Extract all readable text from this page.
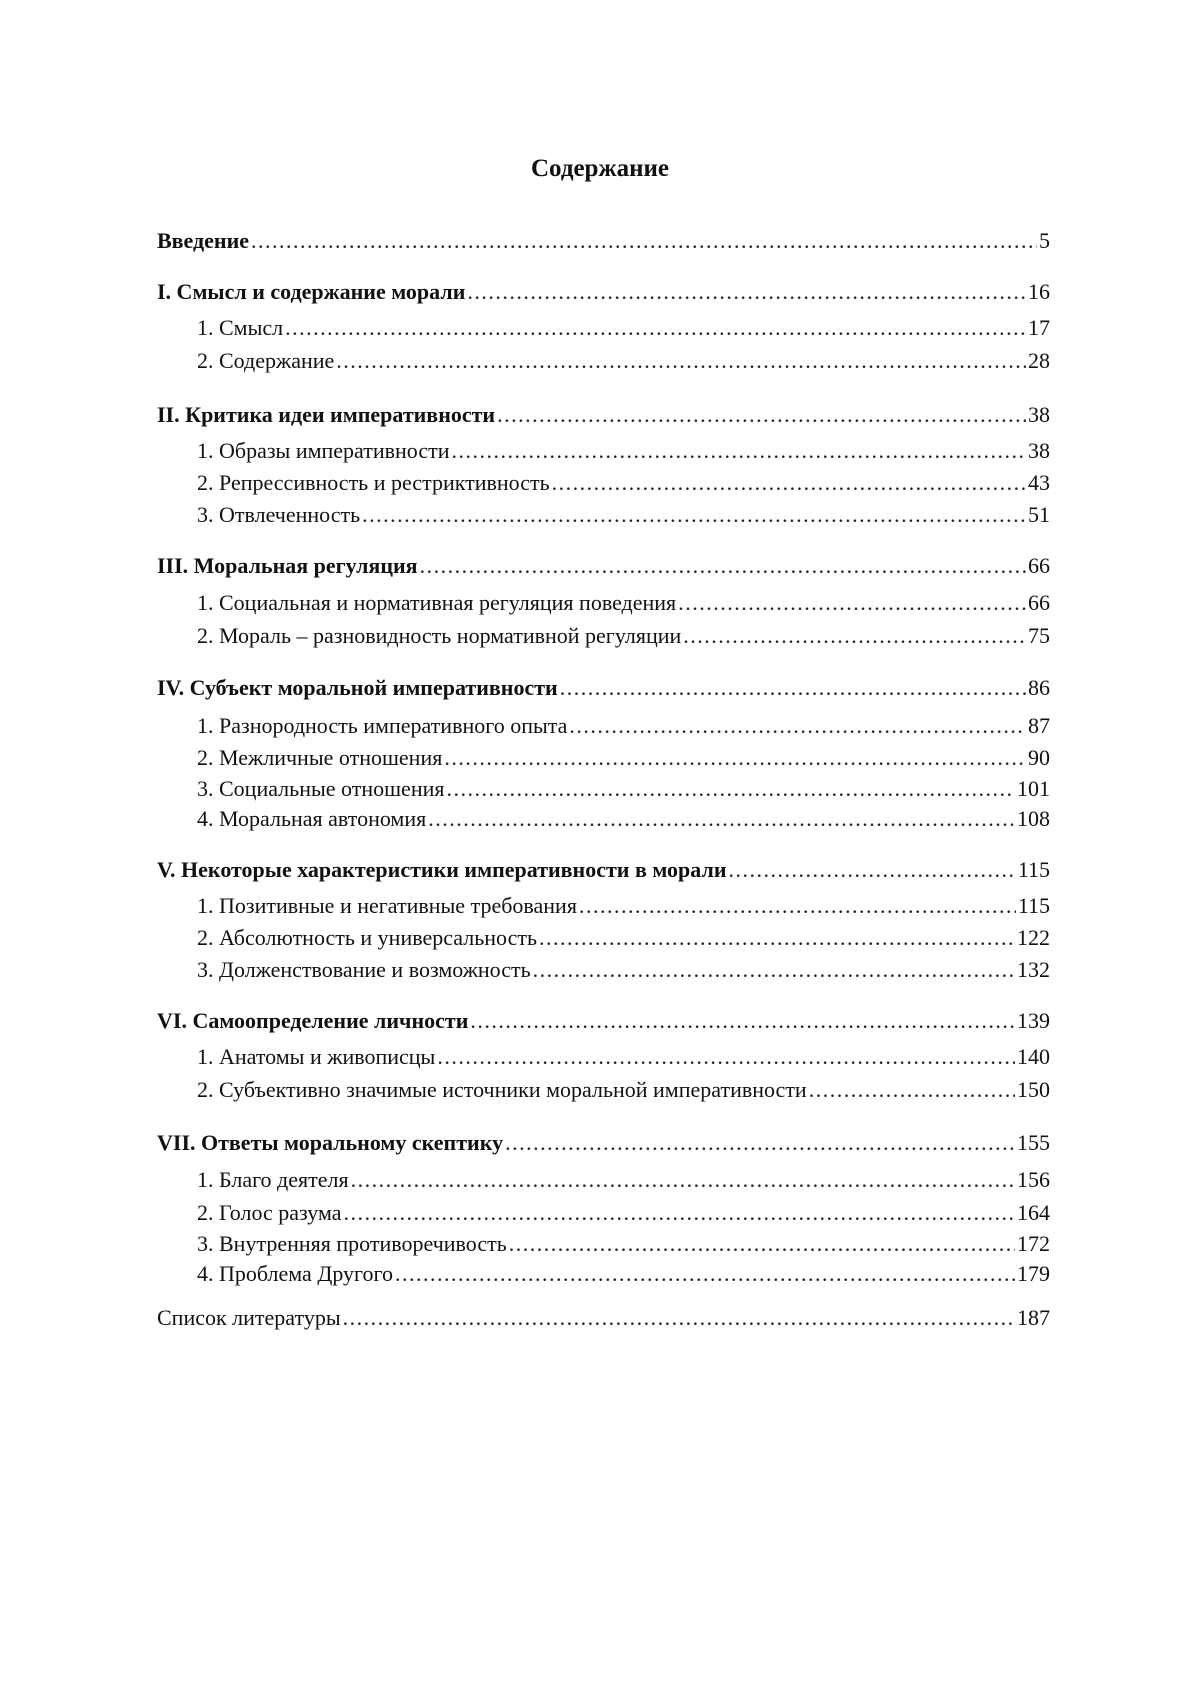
Содержание
Введение .....	5
I. Смысл и содержание морали .....	16
1. Смысл .....	17
2. Содержание .....	28
II. Критика идеи императивности .....	38
1. Образы императивности .....	38
2. Репрессивность и рестриктивность .....	43
3. Отвлеченность .....	51
III. Моральная регуляция .....	66
1. Социальная и нормативная регуляция поведения .....	66
2. Мораль – разновидность нормативной регуляции .....	75
IV. Субъект моральной императивности .....	86
1. Разнородность императивного опыта .....	87
2. Межличные отношения .....	90
3. Социальные отношения .....	101
4. Моральная автономия .....	108
V. Некоторые характеристики императивности в морали .....	115
1. Позитивные и негативные требования .....	115
2. Абсолютность и универсальность .....	122
3. Долженствование и возможность .....	132
VI. Самоопределение личности .....	139
1. Анатомы и живописцы .....	140
2. Субъективно значимые источники моральной императивности .....	150
VII. Ответы моральному скептику .....	155
1. Благо деятеля .....	156
2. Голос разума .....	164
3. Внутренняя противоречивость .....	172
4. Проблема Другого .....	179
Список литературы .....	187
